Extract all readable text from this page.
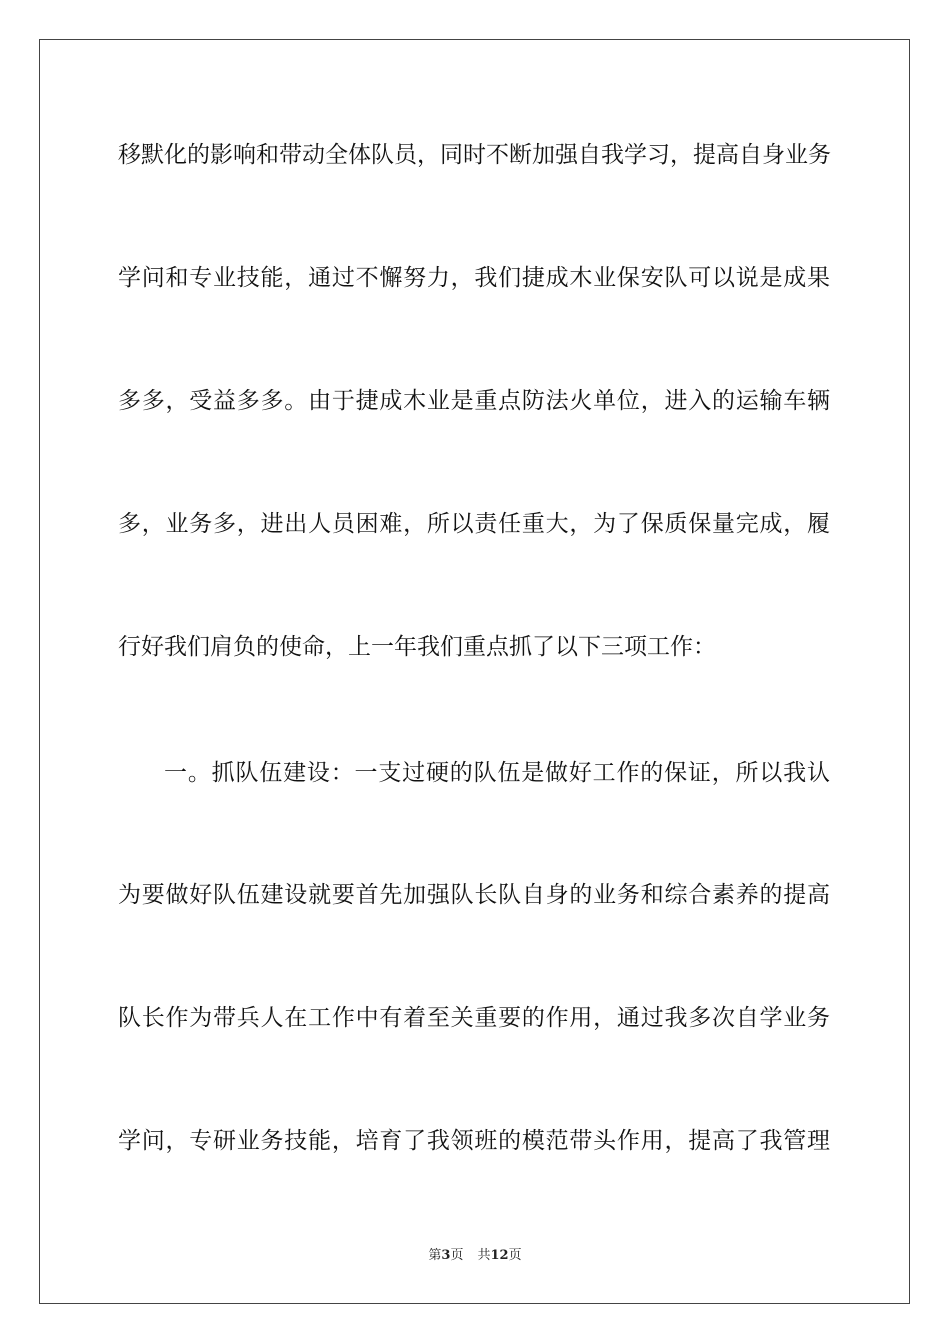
移默化的影响和带动全体队员，同时不断加强自我学习，提高自身业务
学问和专业技能，通过不懈努力，我们捷成木业保安队可以说是成果
多多，受益多多。由于捷成木业是重点防法火单位，进入的运输车辆
多，业务多，进出人员困难，所以责任重大，为了保质保量完成，履
行好我们肩负的使命，上一年我们重点抓了以下三项工作：
一。抓队伍建设：一支过硬的队伍是做好工作的保证，所以我认
为要做好队伍建设就要首先加强队长队自身的业务和综合素养的提高
队长作为带兵人在工作中有着至关重要的作用，通过我多次自学业务
学问，专研业务技能，培育了我领班的模范带头作用，提高了我管理
第3页 共12页
